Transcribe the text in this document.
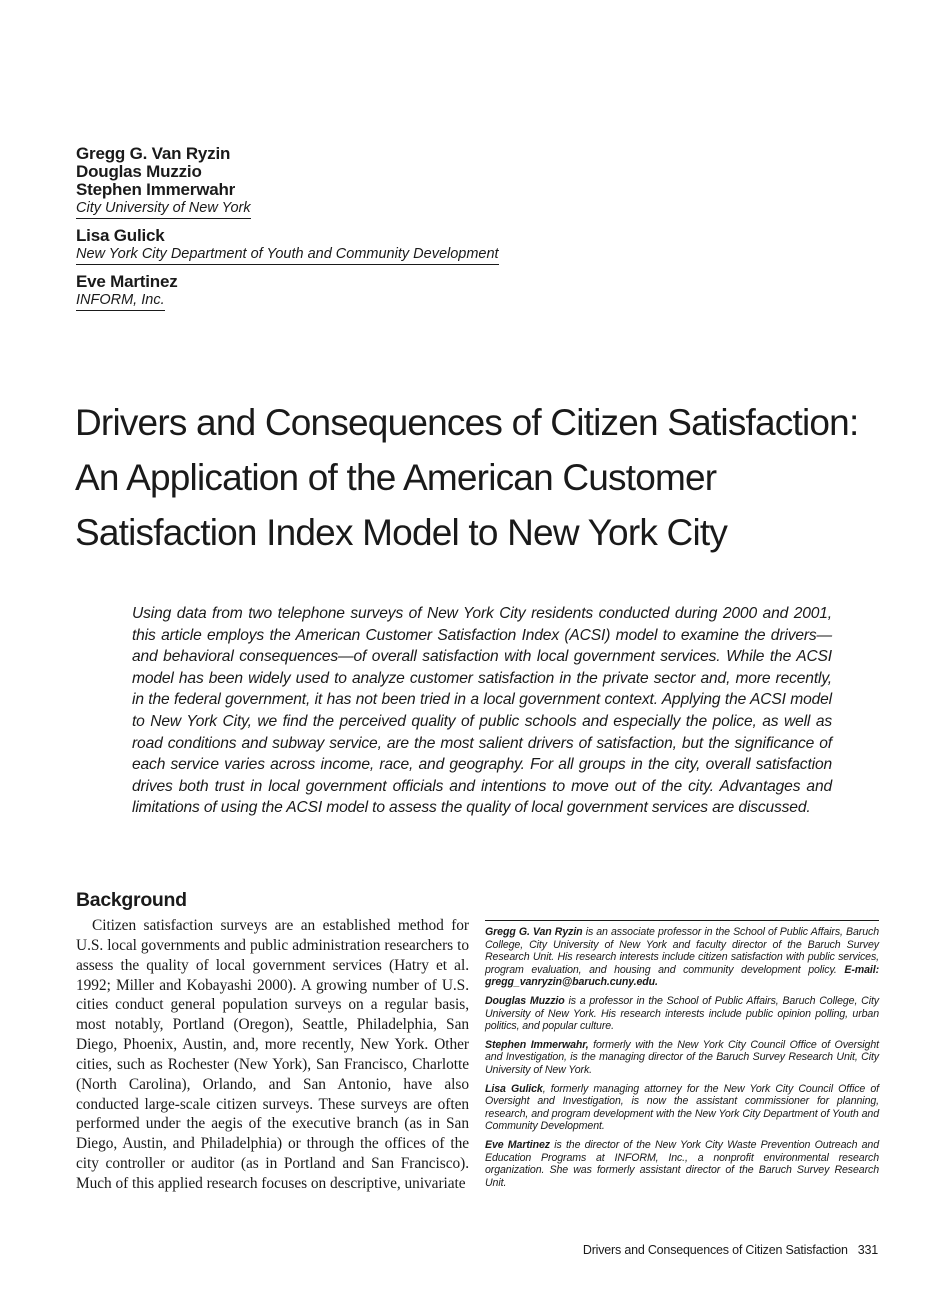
Gregg G. Van Ryzin
Douglas Muzzio
Stephen Immerwahr
City University of New York
Lisa Gulick
New York City Department of Youth and Community Development
Eve Martinez
INFORM, Inc.
Drivers and Consequences of Citizen Satisfaction:
An Application of the American Customer
Satisfaction Index Model to New York City
Using data from two telephone surveys of New York City residents conducted during 2000 and 2001, this article employs the American Customer Satisfaction Index (ACSI) model to examine the drivers—and behavioral consequences—of overall satisfaction with local government services. While the ACSI model has been widely used to analyze customer satisfaction in the private sector and, more recently, in the federal government, it has not been tried in a local government context. Applying the ACSI model to New York City, we find the perceived quality of public schools and especially the police, as well as road conditions and subway service, are the most salient drivers of satisfaction, but the significance of each service varies across income, race, and geography. For all groups in the city, overall satisfaction drives both trust in local government officials and intentions to move out of the city. Advantages and limitations of using the ACSI model to assess the quality of local government services are discussed.
Background
Citizen satisfaction surveys are an established method for U.S. local governments and public administration researchers to assess the quality of local government services (Hatry et al. 1992; Miller and Kobayashi 2000). A growing number of U.S. cities conduct general population surveys on a regular basis, most notably, Portland (Oregon), Seattle, Philadelphia, San Diego, Phoenix, Austin, and, more recently, New York. Other cities, such as Rochester (New York), San Francisco, Charlotte (North Carolina), Orlando, and San Antonio, have also conducted large-scale citizen surveys. These surveys are often performed under the aegis of the executive branch (as in San Diego, Austin, and Philadelphia) or through the offices of the city controller or auditor (as in Portland and San Francisco). Much of this applied research focuses on descriptive, univariate
Gregg G. Van Ryzin is an associate professor in the School of Public Affairs, Baruch College, City University of New York and faculty director of the Baruch Survey Research Unit. His research interests include citizen satisfaction with public services, program evaluation, and housing and community development policy. E-mail: gregg_vanryzin@baruch.cuny.edu.
Douglas Muzzio is a professor in the School of Public Affairs, Baruch College, City University of New York. His research interests include public opinion polling, urban politics, and popular culture.
Stephen Immerwahr, formerly with the New York City Council Office of Oversight and Investigation, is the managing director of the Baruch Survey Research Unit, City University of New York.
Lisa Gulick, formerly managing attorney for the New York City Council Office of Oversight and Investigation, is now the assistant commissioner for planning, research, and program development with the New York City Department of Youth and Community Development.
Eve Martinez is the director of the New York City Waste Prevention Outreach and Education Programs at INFORM, Inc., a nonprofit environmental research organization. She was formerly assistant director of the Baruch Survey Research Unit.
Drivers and Consequences of Citizen Satisfaction 331
